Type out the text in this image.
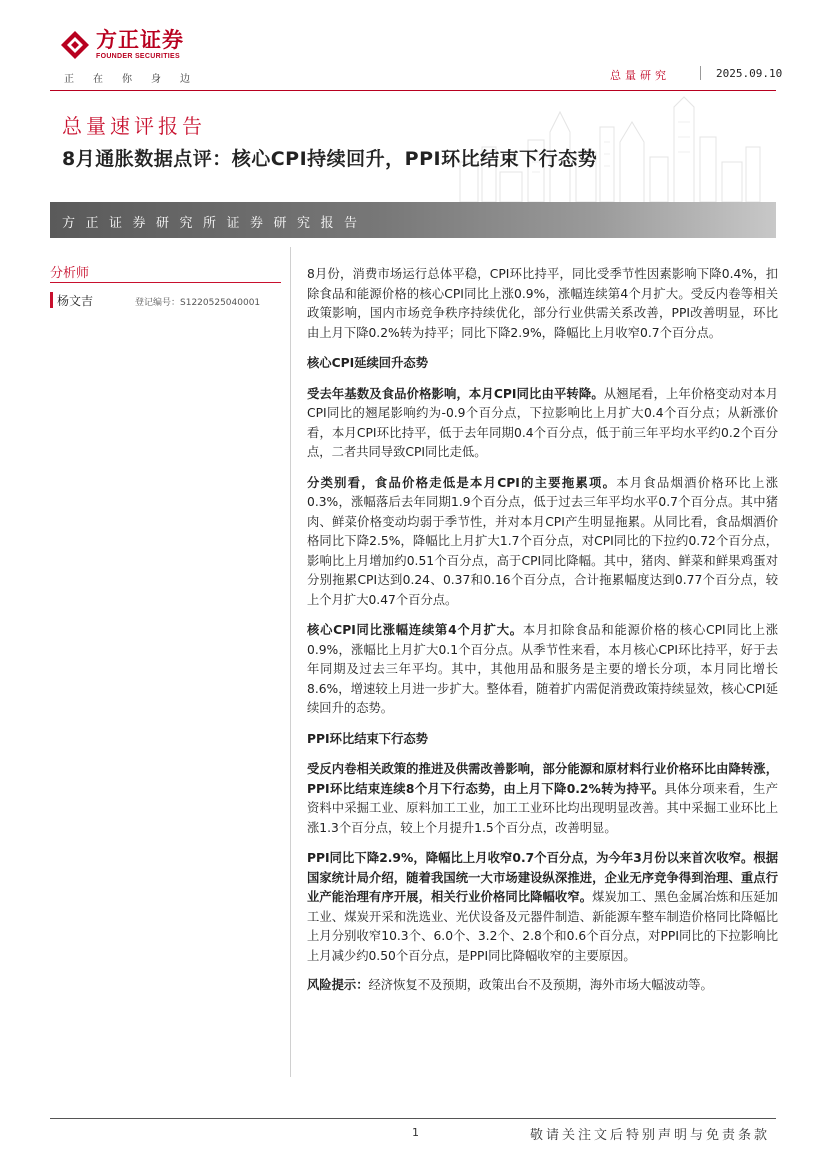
方正证券
FOUNDER SECURITIES
正在你身边	总量研究	2025.09.10
总量速评报告
8月通胀数据点评：核心CPI持续回升，PPI环比结束下行态势
方正证券研究所证券研究报告
分析师
杨文吉	登记编号：S1220525040001

8月份，消费市场运行总体平稳，CPI环比持平，同比受季节性因素影响下降0.4%，扣除食品和能源价格的核心CPI同比上涨0.9%，涨幅连续第4个月扩大。受反内卷等相关政策影响，国内市场竞争秩序持续优化，部分行业供需关系改善，PPI改善明显，环比由上月下降0.2%转为持平；同比下降2.9%，降幅比上月收窄0.7个百分点。

核心CPI延续回升态势

受去年基数及食品价格影响，本月CPI同比由平转降。从翘尾看，上年价格变动对本月CPI同比的翘尾影响约为-0.9个百分点，下拉影响比上月扩大0.4个百分点；从新涨价看，本月CPI环比持平，低于去年同期0.4个百分点，低于前三年平均水平约0.2个百分点，二者共同导致CPI同比走低。

分类别看，食品价格走低是本月CPI的主要拖累项。本月食品烟酒价格环比上涨0.3%，涨幅落后去年同期1.9个百分点，低于过去三年平均水平0.7个百分点。其中猪肉、鲜菜价格变动均弱于季节性，并对本月CPI产生明显拖累。从同比看，食品烟酒价格同比下降2.5%，降幅比上月扩大1.7个百分点，对CPI同比的下拉约0.72个百分点，影响比上月增加约0.51个百分点，高于CPI同比降幅。其中，猪肉、鲜菜和鲜果鸡蛋对分别拖累CPI达到0.24、0.37和0.16个百分点，合计拖累幅度达到0.77个百分点，较上个月扩大0.47个百分点。

核心CPI同比涨幅连续第4个月扩大。本月扣除食品和能源价格的核心CPI同比上涨0.9%，涨幅比上月扩大0.1个百分点。从季节性来看，本月核心CPI环比持平，好于去年同期及过去三年平均。其中，其他用品和服务是主要的增长分项，本月同比增长8.6%，增速较上月进一步扩大。整体看，随着扩内需促消费政策持续显效，核心CPI延续回升的态势。

PPI环比结束下行态势

受反内卷相关政策的推进及供需改善影响，部分能源和原材料行业价格环比由降转涨，PPI环比结束连续8个月下行态势，由上月下降0.2%转为持平。具体分项来看，生产资料中采掘工业、原料加工工业，加工工业环比均出现明显改善。其中采掘工业环比上涨1.3个百分点，较上个月提升1.5个百分点，改善明显。

PPI同比下降2.9%，降幅比上月收窄0.7个百分点，为今年3月份以来首次收窄。根据国家统计局介绍，随着我国统一大市场建设纵深推进，企业无序竞争得到治理、重点行业产能治理有序开展，相关行业价格同比降幅收窄。煤炭加工、黑色金属冶炼和压延加工业、煤炭开采和洗选业、光伏设备及元器件制造、新能源车整车制造价格同比降幅比上月分别收窄10.3个、6.0个、3.2个、2.8个和0.6个百分点，对PPI同比的下拉影响比上月减少约0.50个百分点，是PPI同比降幅收窄的主要原因。

风险提示：经济恢复不及预期，政策出台不及预期，海外市场大幅波动等。

1	敬请关注文后特别声明与免责条款
